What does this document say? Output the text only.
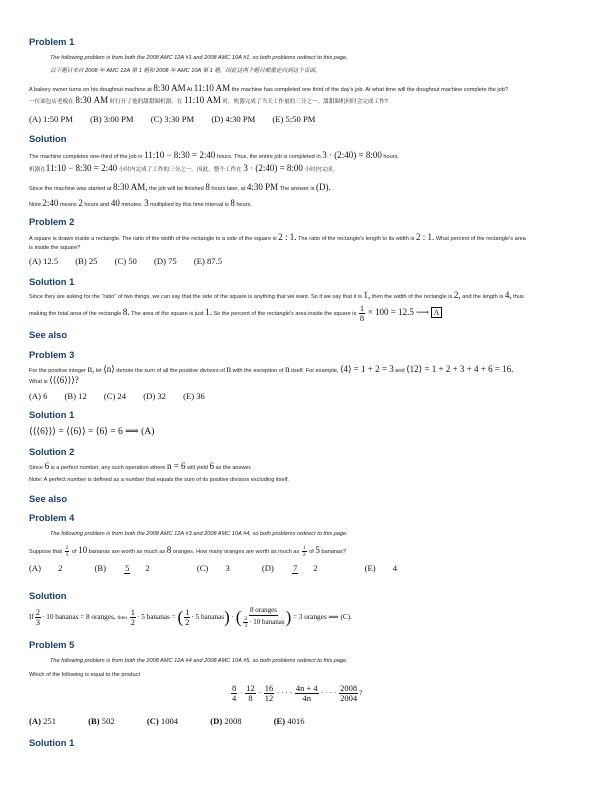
Problem 1
The following problem is from both the 2008 AMC 12A #1 and 2008 AMC 10A #1, so both problems redirect to this page.
以下题目来自 2008 年 AMC 12A 第 1 题和 2008 年 AMC 10A 第 1 题，因此这两个题目都重定向到这个页面。
A bakery owner turns on his doughnut machine at 8:30 AM At 11:10 AM the machine has completed one third of the day's job. At what time will the doughnut machine complete the job?
一位面包店老板在 8:30 AM 时打开了他的甜甜圈机器。在 11:10 AM 时，机器完成了当天工作量的三分之一。甜甜圈机何时会完成工作?
(A) 1:50 PM (B) 3:00 PM (C) 3:30 PM (D) 4:30 PM (E) 5:50 PM
Solution
The machine completes one-third of the job in 11:10 − 8:30 = 2:40 hours. Thus, the entire job is completed in 3 · (2:40) = 8:00 hours.
机器在11:10 − 8:30 = 2:40 小时内完成了工作的三分之一。因此，整个工作在 3 · (2:40) = 8:00 小时内完成。
Since the machine was started at 8:30 AM, the job will be finished 8 hours later, at 4:30 PM The answer is (D).
Note:2:40 means 2 hours and 40 minutes. 3 multiplied by this time interval is 8 hours.
Problem 2
A square is drawn inside a rectangle. The ratio of the width of the rectangle to a side of the square is 2 : 1. The ratio of the rectangle's length to its width is 2 : 1. What percent of the rectangle's area
is inside the square?
(A) 12.5 (B) 25 (C) 50 (D) 75 (E) 87.5
Solution 1
Since they are asking for the "ratio" of two things, we can say that the side of the square is anything that we want. So if we say that it is 1, then the width of the rectangle is 2, and the length is 4, thus
making the total area of the rectangle 8. The area of the square is just 1. So the percent of the rectangle's area inside the square is $\frac{1}{8} \times 100 = 12.5$ ⟶ A
See also
Problem 3
For the positive integer n, let ⟨n⟩ denote the sum of all the positive divisors of n with the exception of n itself. For example, ⟨4⟩ = 1 + 2 = 3 and ⟨12⟩ = 1 + 2 + 3 + 4 + 6 = 16.
What is ⟨⟨⟨6⟩⟩⟩?
(A) 6 (B) 12 (C) 24 (D) 32 (E) 36
Solution 1
⟨⟨⟨6⟩⟩⟩ = ⟨⟨6⟩⟩ = ⟨6⟩ = 6 ⟹ (A)
Solution 2
Since 6 is a perfect number, any such operation where n = 6 will yield 6 as the answer.
Note: A perfect number is defined as a number that equals the sum of its positive divisors excluding itself.
See also
Problem 4
The following problem is from both the 2008 AMC 12A #3 and 2008 AMC 10A #4, so both problems redirect to this page.
Suppose that $\frac{2}{3}$ of 10 bananas are worth as much as 8 oranges. How many oranges are worth as much as $\frac{1}{2}$ of 5 bananas?
(A) 2	(B) 5 2	(C) 3	(D) 7 2	(E) 4
Solution
If $\frac{2}{3} \cdot 10$ bananas = 8 oranges, then $\frac{1}{2} \cdot 5$ bananas = ( $\frac{1}{2} \cdot 5$ bananas) · ( $\frac{\text{8 oranges}}{\frac{2}{3} \cdot 10 bananas}$ ) = 3 oranges ⟹ (C).
Problem 5
The following problem is from both the 2008 AMC 12A #4 and 2008 AMC 10A #5, so both problems redirect to this page.
Which of the following is equal to the product
$\frac{8}{4} \cdot \frac{12}{8} \cdot \frac{16}{12}$ · · · · $\frac{4n + 4}{4n}$ · · · · $\frac{2008}{2004}$ ?
(A) 251	(B) 502	(C) 1004	(D) 2008	(E) 4016
Solution 1
